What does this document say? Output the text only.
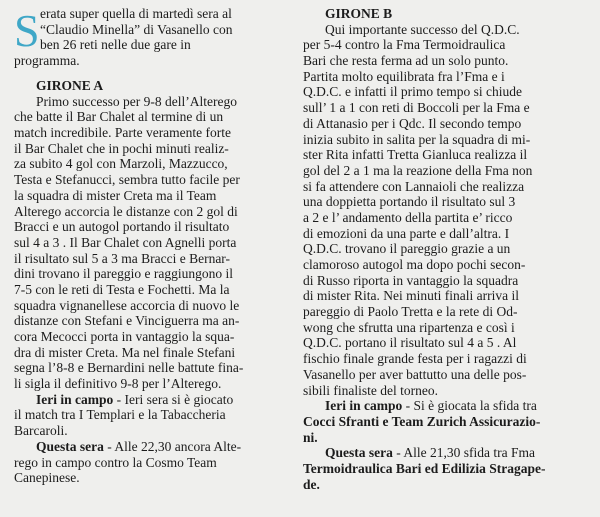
S erata super quella di martedì sera al
“Claudio Minella” di Vasanello con
ben 26 reti nelle due gare in
programma.
GIRONE A
Primo successo per 9-8 dell’Alterego
che batte il Bar Chalet al termine di un
match incredibile. Parte veramente forte
il Bar Chalet che in pochi minuti realiz-
za subito 4 gol con Marzoli, Mazzucco,
Testa e Stefanucci, sembra tutto facile per
la squadra di mister Creta ma il Team
Alterego accorcia le distanze con 2 gol di
Bracci e un autogol portando il risultato
sul 4 a 3 . Il Bar Chalet con Agnelli porta
il risultato sul 5 a 3 ma Bracci e Bernar-
dini trovano il pareggio e raggiungono il
7-5 con le reti di Testa e Fochetti. Ma la
squadra vignanellese accorcia di nuovo le
distanze con Stefani e Vinciguerra ma an-
cora Mecocci porta in vantaggio la squa-
dra di mister Creta. Ma nel finale Stefani
segna l’8-8 e Bernardini nelle battute fina-
li sigla il definitivo 9-8 per l’Alterego.
Ieri in campo - Ieri sera si è giocato
il match tra I Templari e la Tabaccheria
Barcaroli.
Questa sera - Alle 22,30 ancora Alte-
rego in campo contro la Cosmo Team
Canepinese.
GIRONE B
Qui importante successo del Q.D.C.
per 5-4 contro la Fma Termoidraulica
Bari che resta ferma ad un solo punto.
Partita molto equilibrata fra l’Fma e i
Q.D.C. e infatti il primo tempo si chiude
sull’ 1 a 1 con reti di Boccoli per la Fma e
di Attanasio per i Qdc. Il secondo tempo
inizia subito in salita per la squadra di mi-
ster Rita infatti Tretta Gianluca realizza il
gol del 2 a 1 ma la reazione della Fma non
si fa attendere con Lannaioli che realizza
una doppietta portando il risultato sul 3
a 2 e l’ andamento della partita e’ ricco
di emozioni da una parte e dall’altra. I
Q.D.C. trovano il pareggio grazie a un
clamoroso autogol ma dopo pochi secon-
di Russo riporta in vantaggio la squadra
di mister Rita. Nei minuti finali arriva il
pareggio di Paolo Tretta e la rete di Od-
wong che sfrutta una ripartenza e così i
Q.D.C. portano il risultato sul 4 a 5 . Al
fischio finale grande festa per i ragazzi di
Vasanello per aver battutto una delle pos-
sibili finaliste del torneo.
Ieri in campo - Si è giocata la sfida tra
Cocci Sfranti e Team Zurich Assicurazio-
ni.
Questa sera - Alle 21,30 sfida tra Fma
Termoidraulica Bari ed Edilizia Stragape-
de.
